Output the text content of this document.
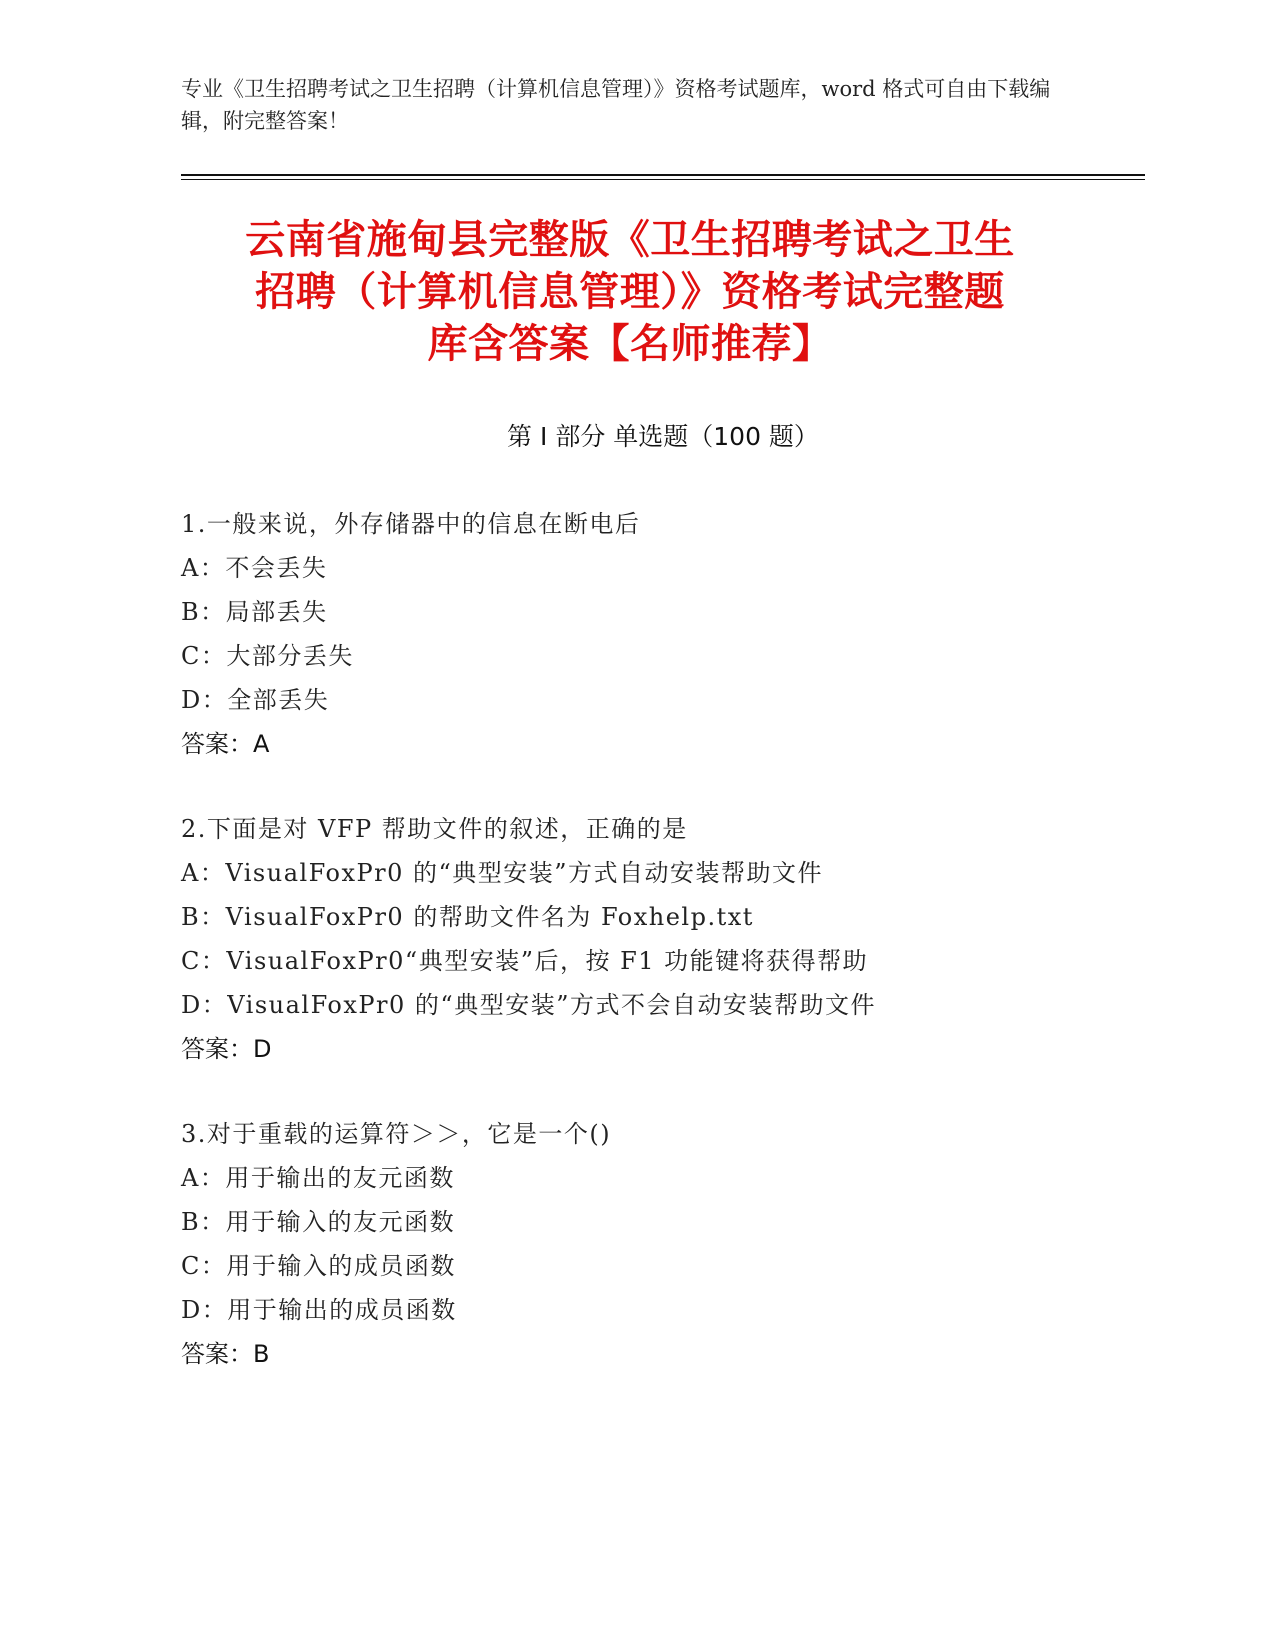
专业《卫生招聘考试之卫生招聘（计算机信息管理）》资格考试题库，word 格式可自由下载编辑，附完整答案！
云南省施甸县完整版《卫生招聘考试之卫生
招聘（计算机信息管理）》资格考试完整题
库含答案【名师推荐】
第 I 部分 单选题（100 题）
1.一般来说，外存储器中的信息在断电后
A：不会丢失
B：局部丢失
C：大部分丢失
D：全部丢失
答案：A
2.下面是对 VFP 帮助文件的叙述，正确的是
A：VisualFoxPr0 的“典型安装”方式自动安装帮助文件
B：VisualFoxPr0 的帮助文件名为 Foxhelp.txt
C：VisualFoxPr0“典型安装”后，按 F1 功能键将获得帮助
D：VisualFoxPr0 的“典型安装”方式不会自动安装帮助文件
答案：D
3.对于重载的运算符＞＞，它是一个()
A：用于输出的友元函数
B：用于输入的友元函数
C：用于输入的成员函数
D：用于输出的成员函数
答案：B
